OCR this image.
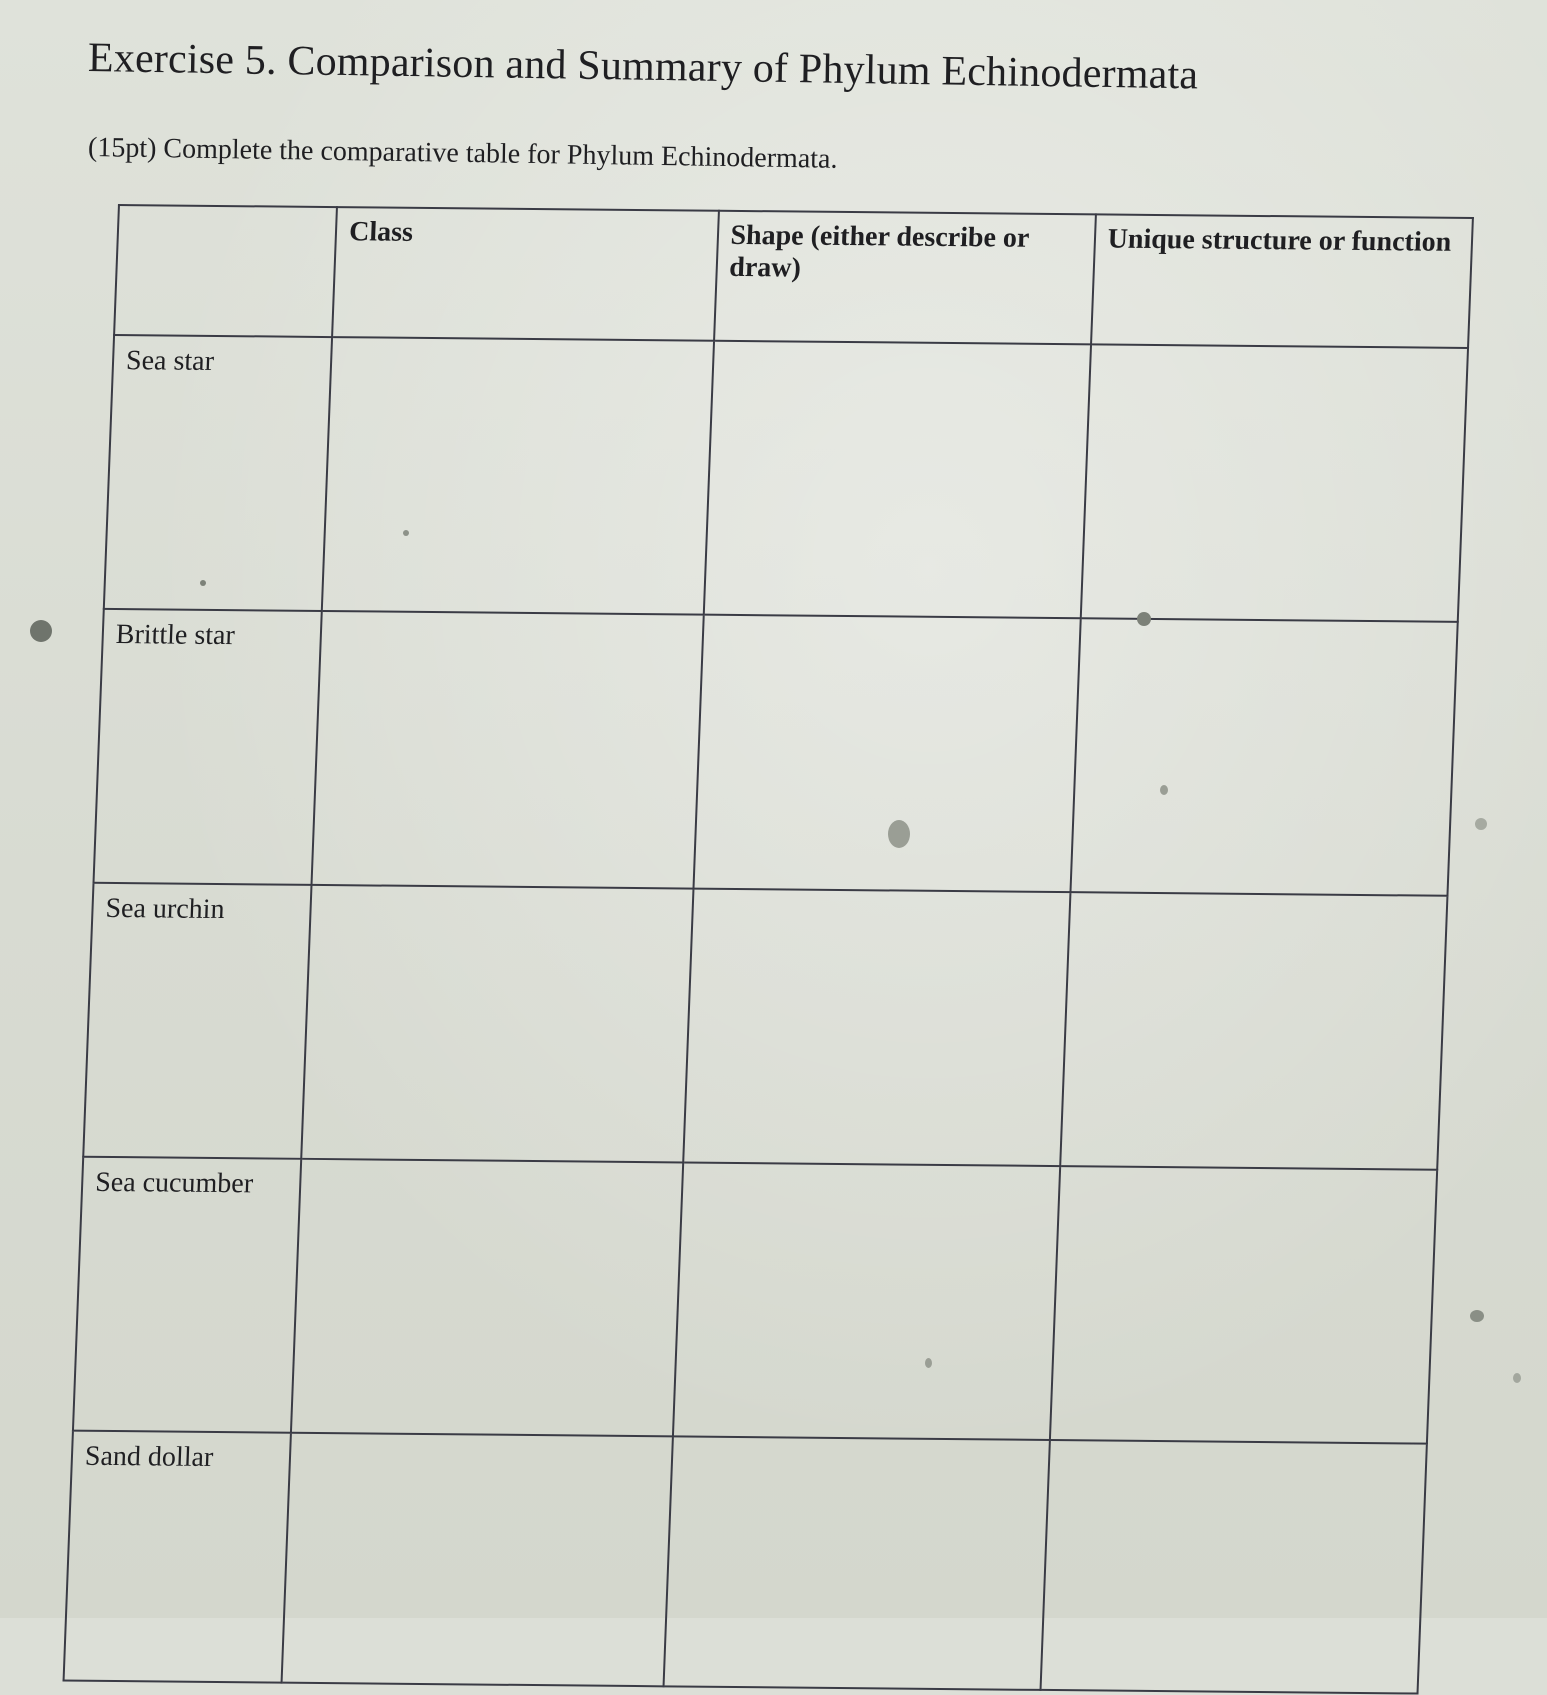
Exercise 5. Comparison and Summary of Phylum Echinodermata

(15pt) Complete the comparative table for Phylum Echinodermata.

	Class	Shape (either describe or draw)	Unique structure or function
Sea star			
Brittle star			
Sea urchin			
Sea cucumber			
Sand dollar			
